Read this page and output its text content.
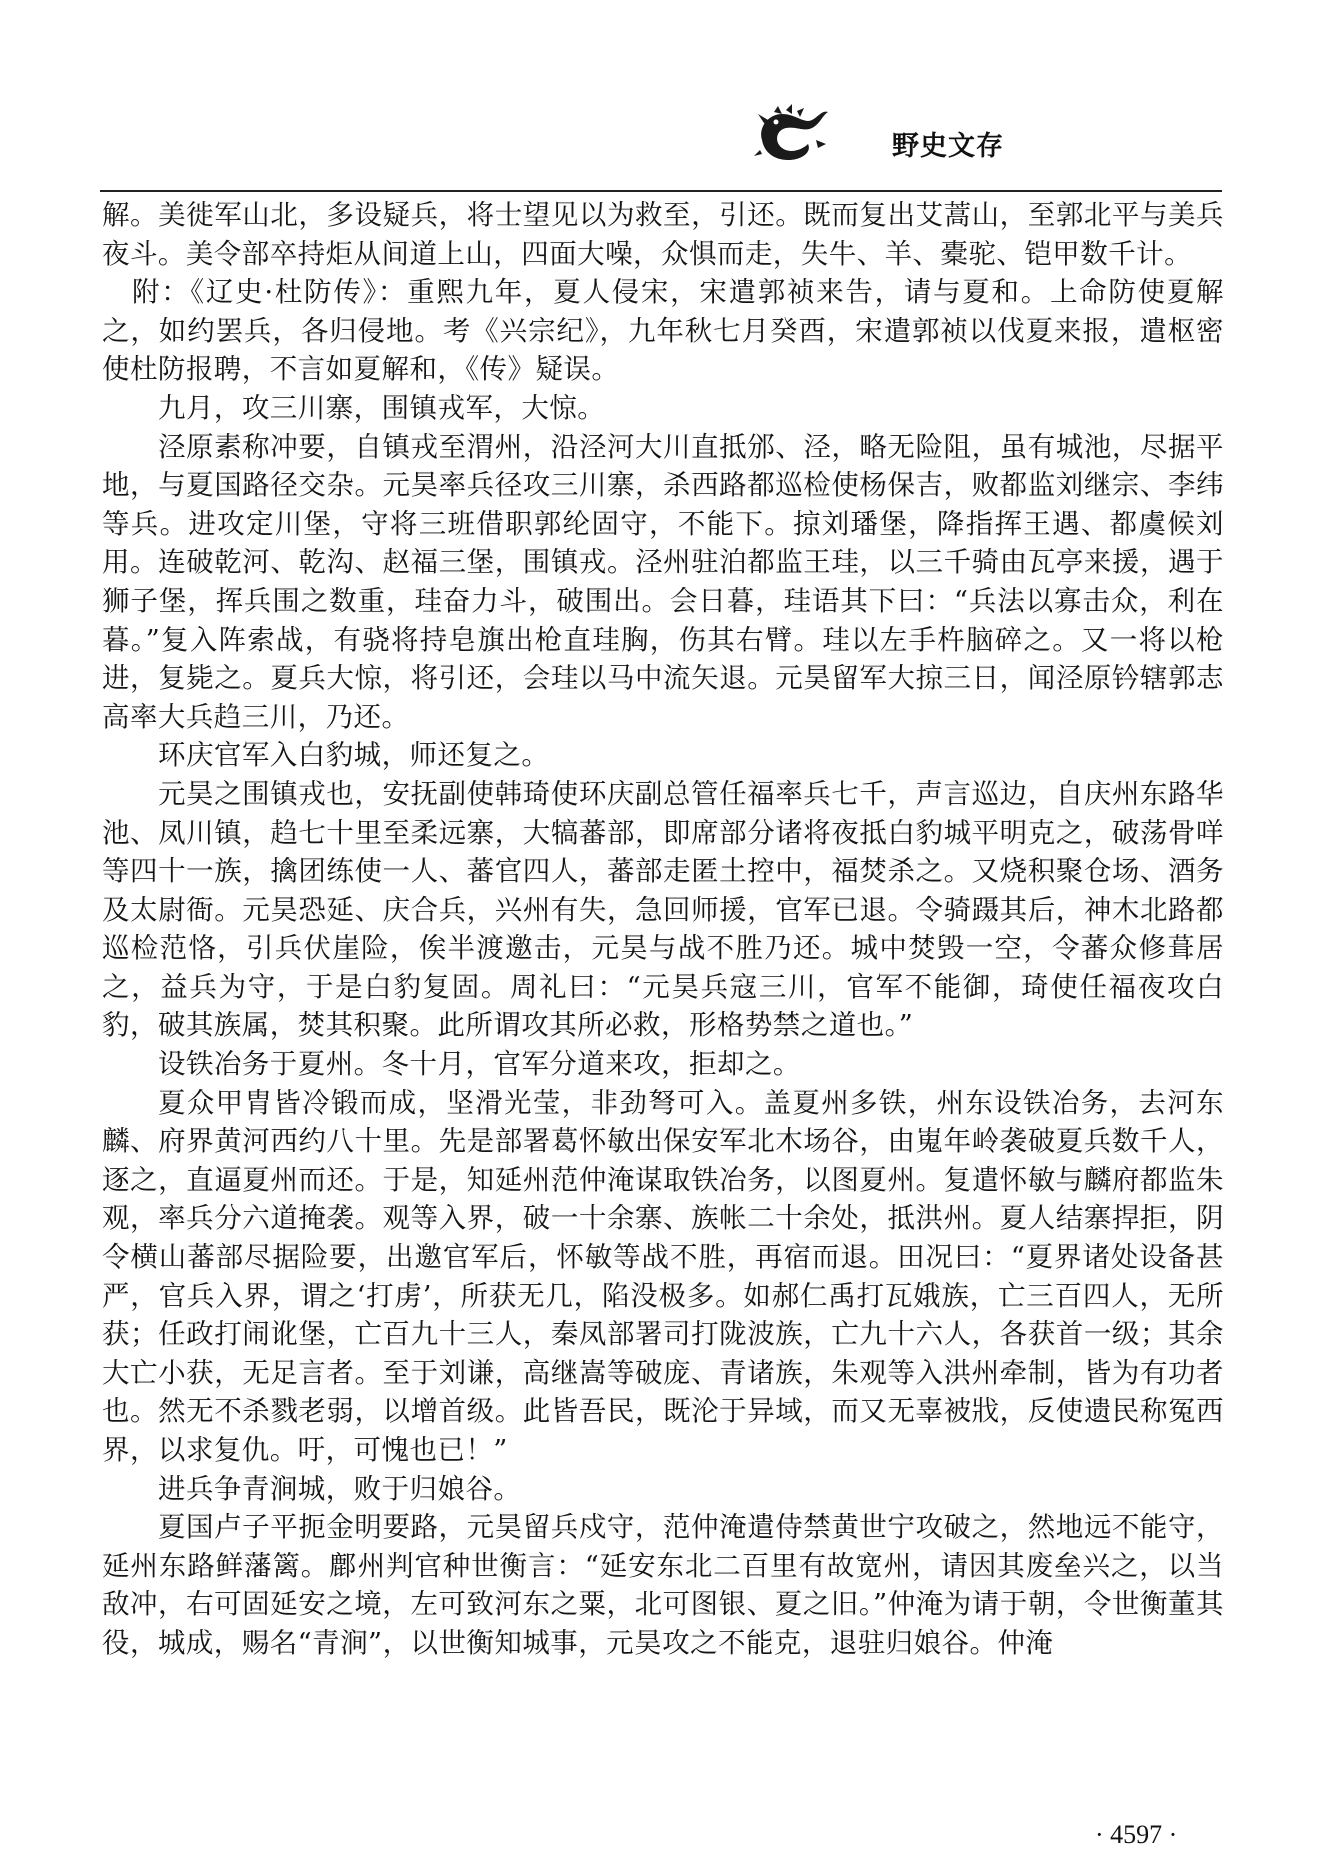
野史文存

解。美徙军山北，多设疑兵，将士望见以为救至，引还。既而复出艾蒿山，至郭北平与美兵夜斗。美令部卒持炬从间道上山，四面大噪，众惧而走，失牛、羊、橐驼、铠甲数千计。

附：《辽史·杜防传》：重熙九年，夏人侵宋，宋遣郭祯来告，请与夏和。上命防使夏解之，如约罢兵，各归侵地。考《兴宗纪》，九年秋七月癸酉，宋遣郭祯以伐夏来报，遣枢密使杜防报聘，不言如夏解和，《传》疑误。

九月，攻三川寨，围镇戎军，大惊。

泾原素称冲要，自镇戎至渭州，沿泾河大川直抵邠、泾，略无险阻，虽有城池，尽据平地，与夏国路径交杂。元昊率兵径攻三川寨，杀西路都巡检使杨保吉，败都监刘继宗、李纬等兵。进攻定川堡，守将三班借职郭纶固守，不能下。掠刘璠堡，降指挥王遇、都虞候刘用。连破乾河、乾沟、赵福三堡，围镇戎。泾州驻泊都监王珪，以三千骑由瓦亭来援，遇于狮子堡，挥兵围之数重，珪奋力斗，破围出。会日暮，珪语其下曰：“兵法以寡击众，利在暮。”复入阵索战，有骁将持皂旗出枪直珪胸，伤其右臂。珪以左手杵脑碎之。又一将以枪进，复毙之。夏兵大惊，将引还，会珪以马中流矢退。元昊留军大掠三日，闻泾原钤辖郭志高率大兵趋三川，乃还。

环庆官军入白豹城，师还复之。

元昊之围镇戎也，安抚副使韩琦使环庆副总管任福率兵七千，声言巡边，自庆州东路华池、凤川镇，趋七十里至柔远寨，大犒蕃部，即席部分诸将夜抵白豹城平明克之，破荡骨咩等四十一族，擒团练使一人、蕃官四人，蕃部走匿土控中，福焚杀之。又烧积聚仓场、酒务及太尉衙。元昊恐延、庆合兵，兴州有失，急回师援，官军已退。令骑蹑其后，神木北路都巡检范恪，引兵伏崖险，俟半渡邀击，元昊与战不胜乃还。城中焚毁一空，令蕃众修葺居之，益兵为守，于是白豹复固。周礼曰：“元昊兵寇三川，官军不能御，琦使任福夜攻白豹，破其族属，焚其积聚。此所谓攻其所必救，形格势禁之道也。”

设铁冶务于夏州。冬十月，官军分道来攻，拒却之。

夏众甲胄皆冷锻而成，坚滑光莹，非劲弩可入。盖夏州多铁，州东设铁冶务，去河东麟、府界黄河西约八十里。先是部署葛怀敏出保安军北木场谷，由嵬年岭袭破夏兵数千人，逐之，直逼夏州而还。于是，知延州范仲淹谋取铁冶务，以图夏州。复遣怀敏与麟府都监朱观，率兵分六道掩袭。观等入界，破一十余寨、族帐二十余处，抵洪州。夏人结寨捍拒，阴令横山蕃部尽据险要，出邀官军后，怀敏等战不胜，再宿而退。田况曰：“夏界诸处设备甚严，官兵入界，谓之‘打虏’，所获无几，陷没极多。如郝仁禹打瓦娥族，亡三百四人，无所获；任政打闹讹堡，亡百九十三人，秦凤部署司打陇波族，亡九十六人，各获首一级；其余大亡小获，无足言者。至于刘谦，高继嵩等破庞、青诸族，朱观等入洪州牵制，皆为有功者也。然无不杀戮老弱，以增首级。此皆吾民，既沦于异域，而又无辜被戕，反使遗民称冤西界，以求复仇。吁，可愧也已！”

进兵争青涧城，败于归娘谷。

夏国卢子平扼金明要路，元昊留兵戍守，范仲淹遣侍禁黄世宁攻破之，然地远不能守，延州东路鲜藩篱。鄜州判官种世衡言：“延安东北二百里有故宽州，请因其废垒兴之，以当敌冲，右可固延安之境，左可致河东之粟，北可图银、夏之旧。”仲淹为请于朝，令世衡董其役，城成，赐名“青涧”，以世衡知城事，元昊攻之不能克，退驻归娘谷。仲淹

· 4597 ·
